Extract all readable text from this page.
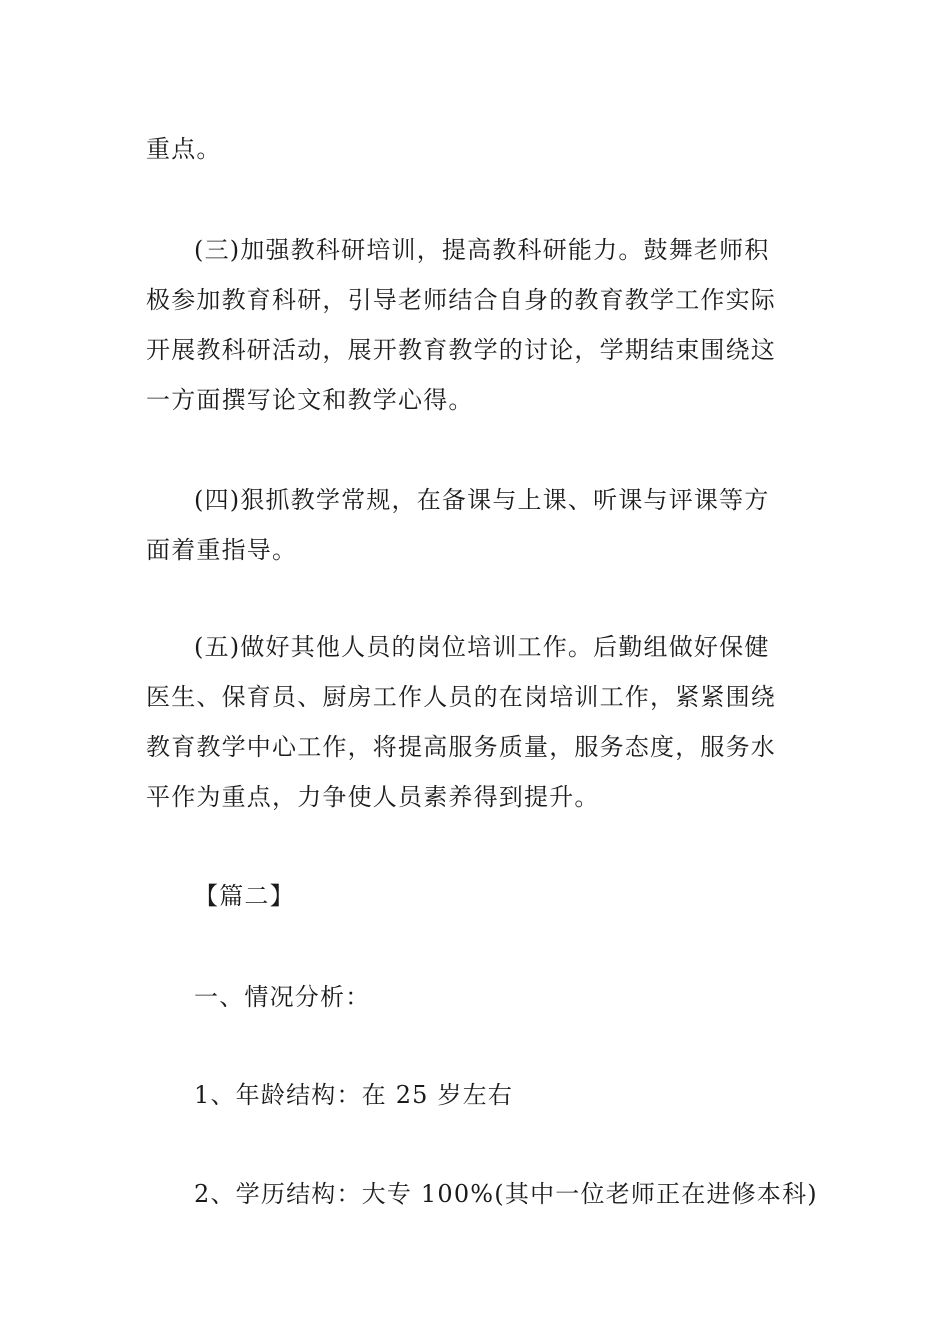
重点。

(三)加强教科研培训，提高教科研能力。鼓舞老师积
极参加教育科研，引导老师结合自身的教育教学工作实际
开展教科研活动，展开教育教学的讨论，学期结束围绕这
一方面撰写论文和教学心得。

(四)狠抓教学常规，在备课与上课、听课与评课等方
面着重指导。

(五)做好其他人员的岗位培训工作。后勤组做好保健
医生、保育员、厨房工作人员的在岗培训工作，紧紧围绕
教育教学中心工作，将提高服务质量，服务态度，服务水
平作为重点，力争使人员素养得到提升。

【篇二】

一、情况分析：

1、年龄结构：在 25 岁左右

2、学历结构：大专 100%(其中一位老师正在进修本科)
